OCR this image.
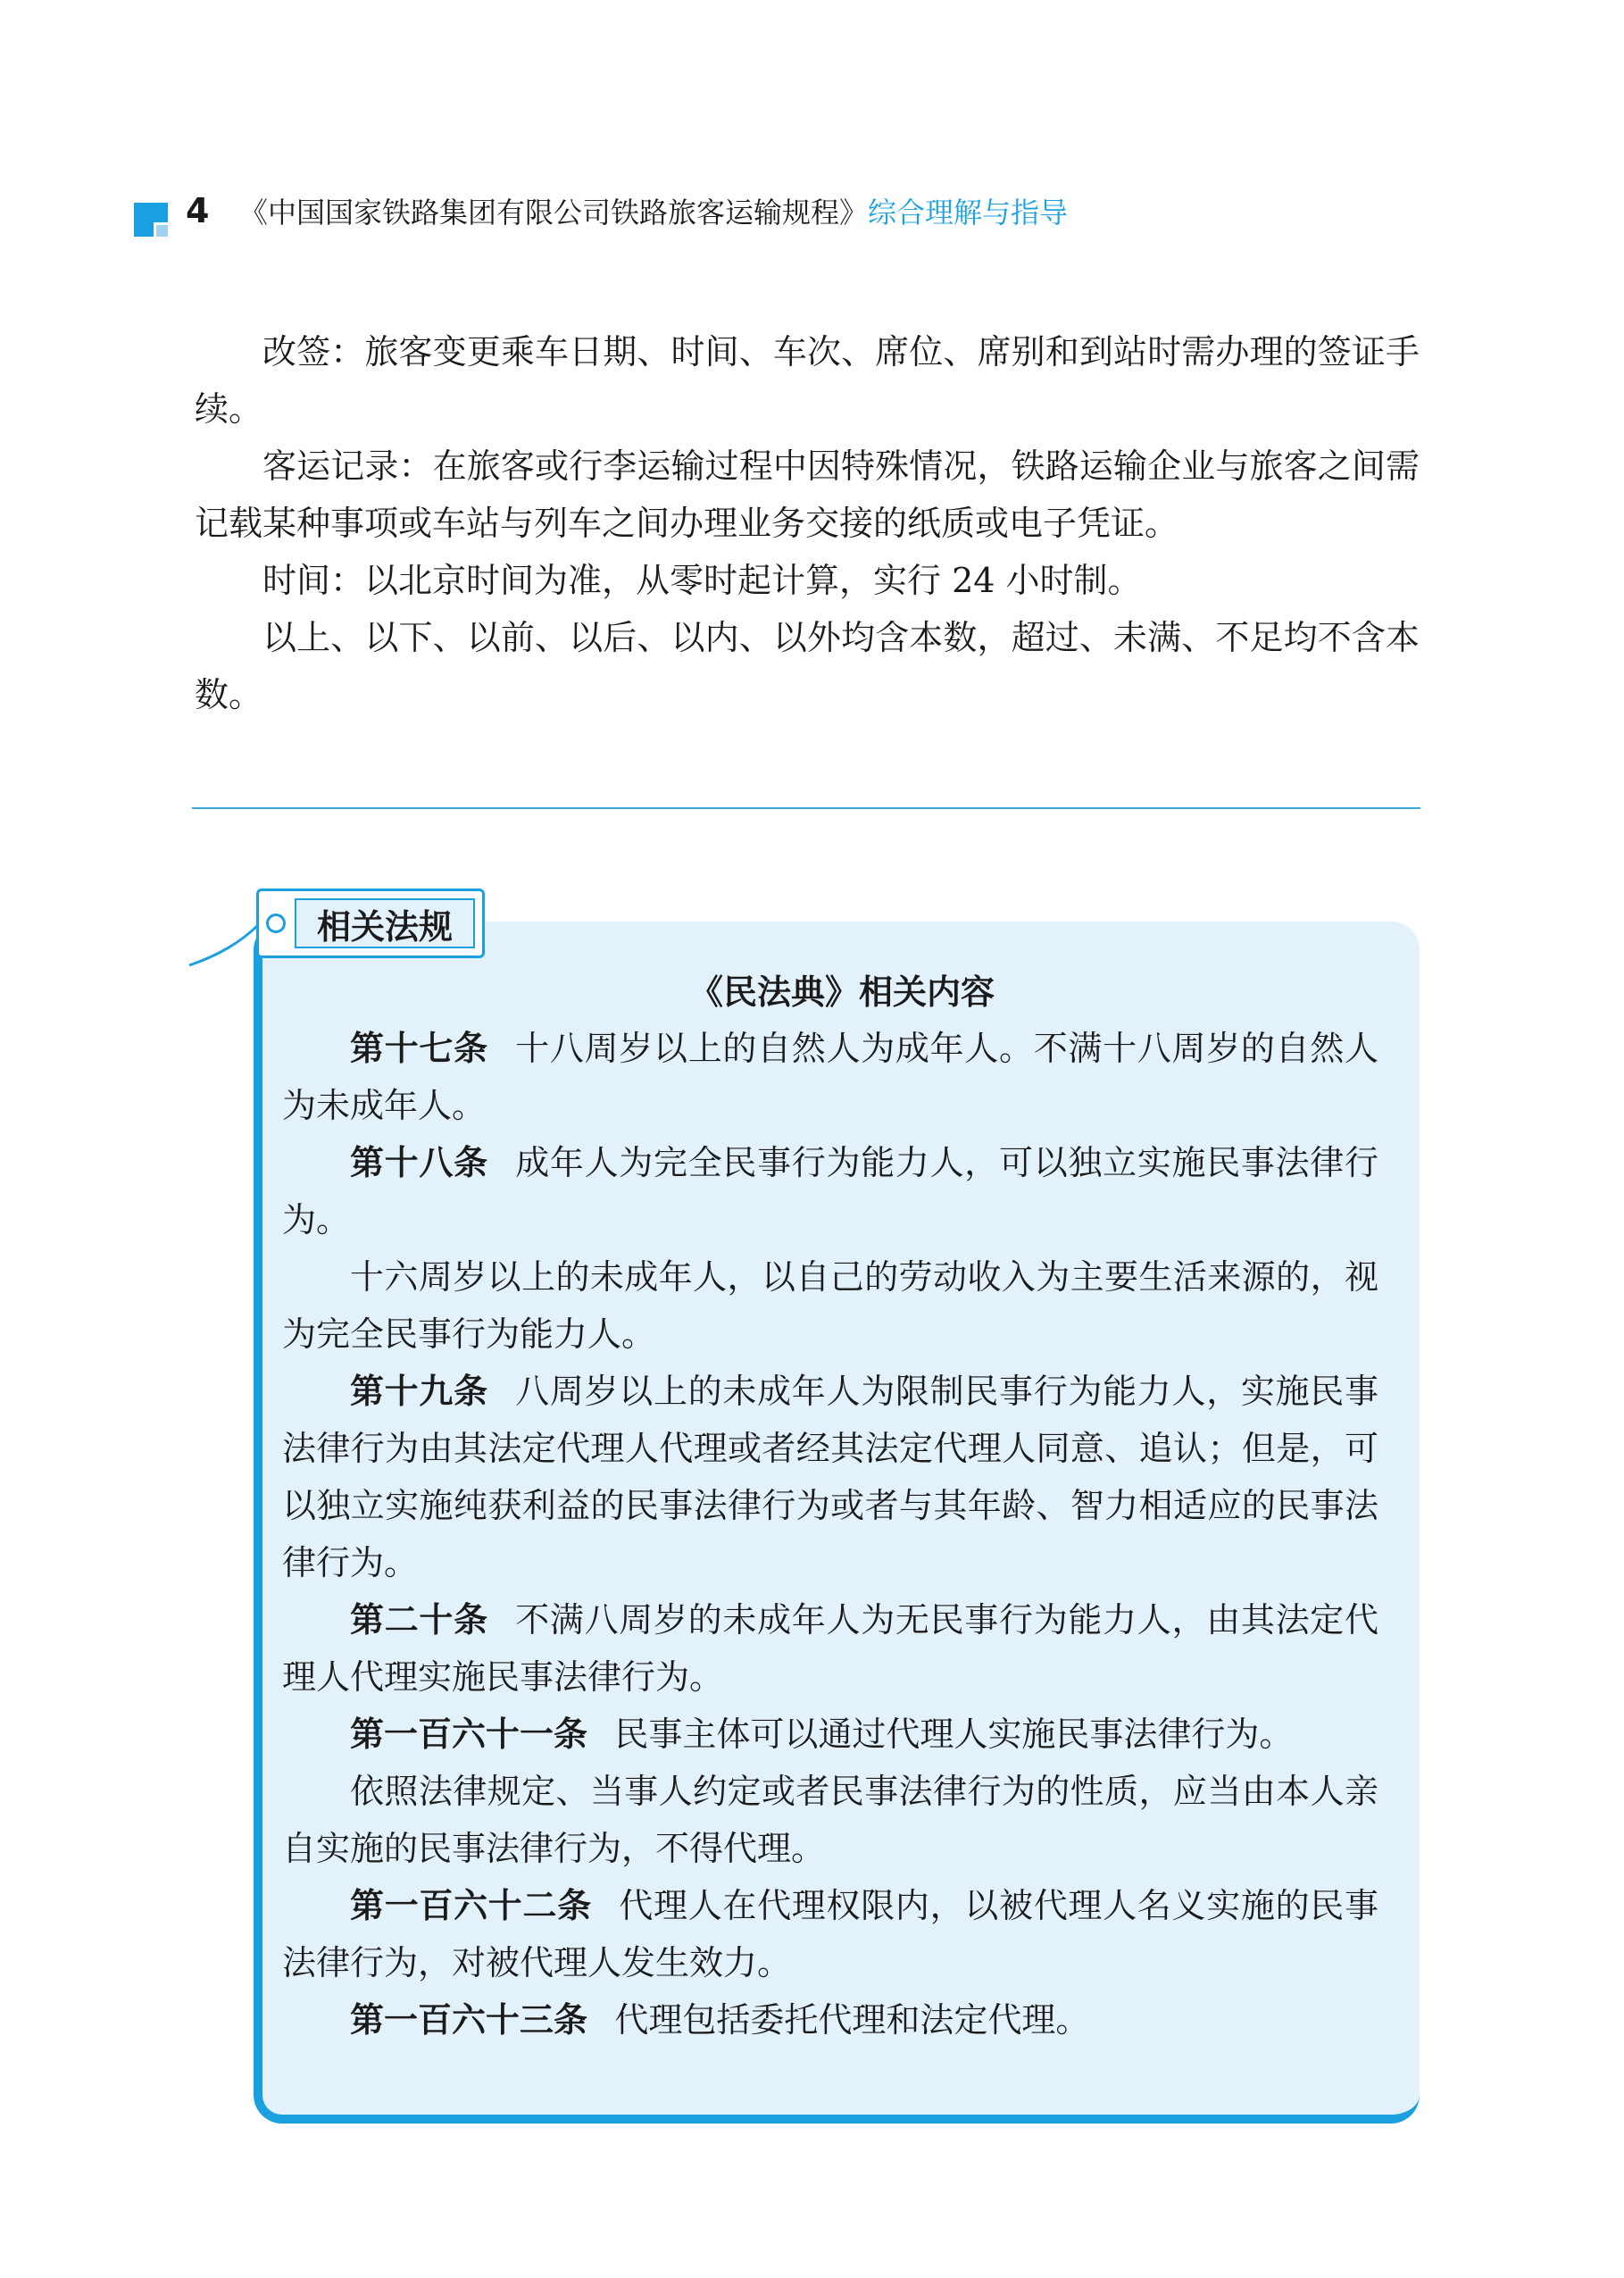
4 《中国国家铁路集团有限公司铁路旅客运输规程》综合理解与指导

改签：旅客变更乘车日期、时间、车次、席位、席别和到站时需办理的签证手续。

客运记录：在旅客或行李运输过程中因特殊情况，铁路运输企业与旅客之间需记载某种事项或车站与列车之间办理业务交接的纸质或电子凭证。

时间：以北京时间为准，从零时起计算，实行 24 小时制。

以上、以下、以前、以后、以内、以外均含本数，超过、未满、不足均不含本数。

相关法规
《民法典》相关内容

第十七条 十八周岁以上的自然人为成年人。不满十八周岁的自然人为未成年人。

第十八条 成年人为完全民事行为能力人，可以独立实施民事法律行为。

十六周岁以上的未成年人，以自己的劳动收入为主要生活来源的，视为完全民事行为能力人。

第十九条 八周岁以上的未成年人为限制民事行为能力人，实施民事法律行为由其法定代理人代理或者经其法定代理人同意、追认；但是，可以独立实施纯获利益的民事法律行为或者与其年龄、智力相适应的民事法律行为。

第二十条 不满八周岁的未成年人为无民事行为能力人，由其法定代理人代理实施民事法律行为。

第一百六十一条 民事主体可以通过代理人实施民事法律行为。

依照法律规定、当事人约定或者民事法律行为的性质，应当由本人亲自实施的民事法律行为，不得代理。

第一百六十二条 代理人在代理权限内，以被代理人名义实施的民事法律行为，对被代理人发生效力。

第一百六十三条 代理包括委托代理和法定代理。
